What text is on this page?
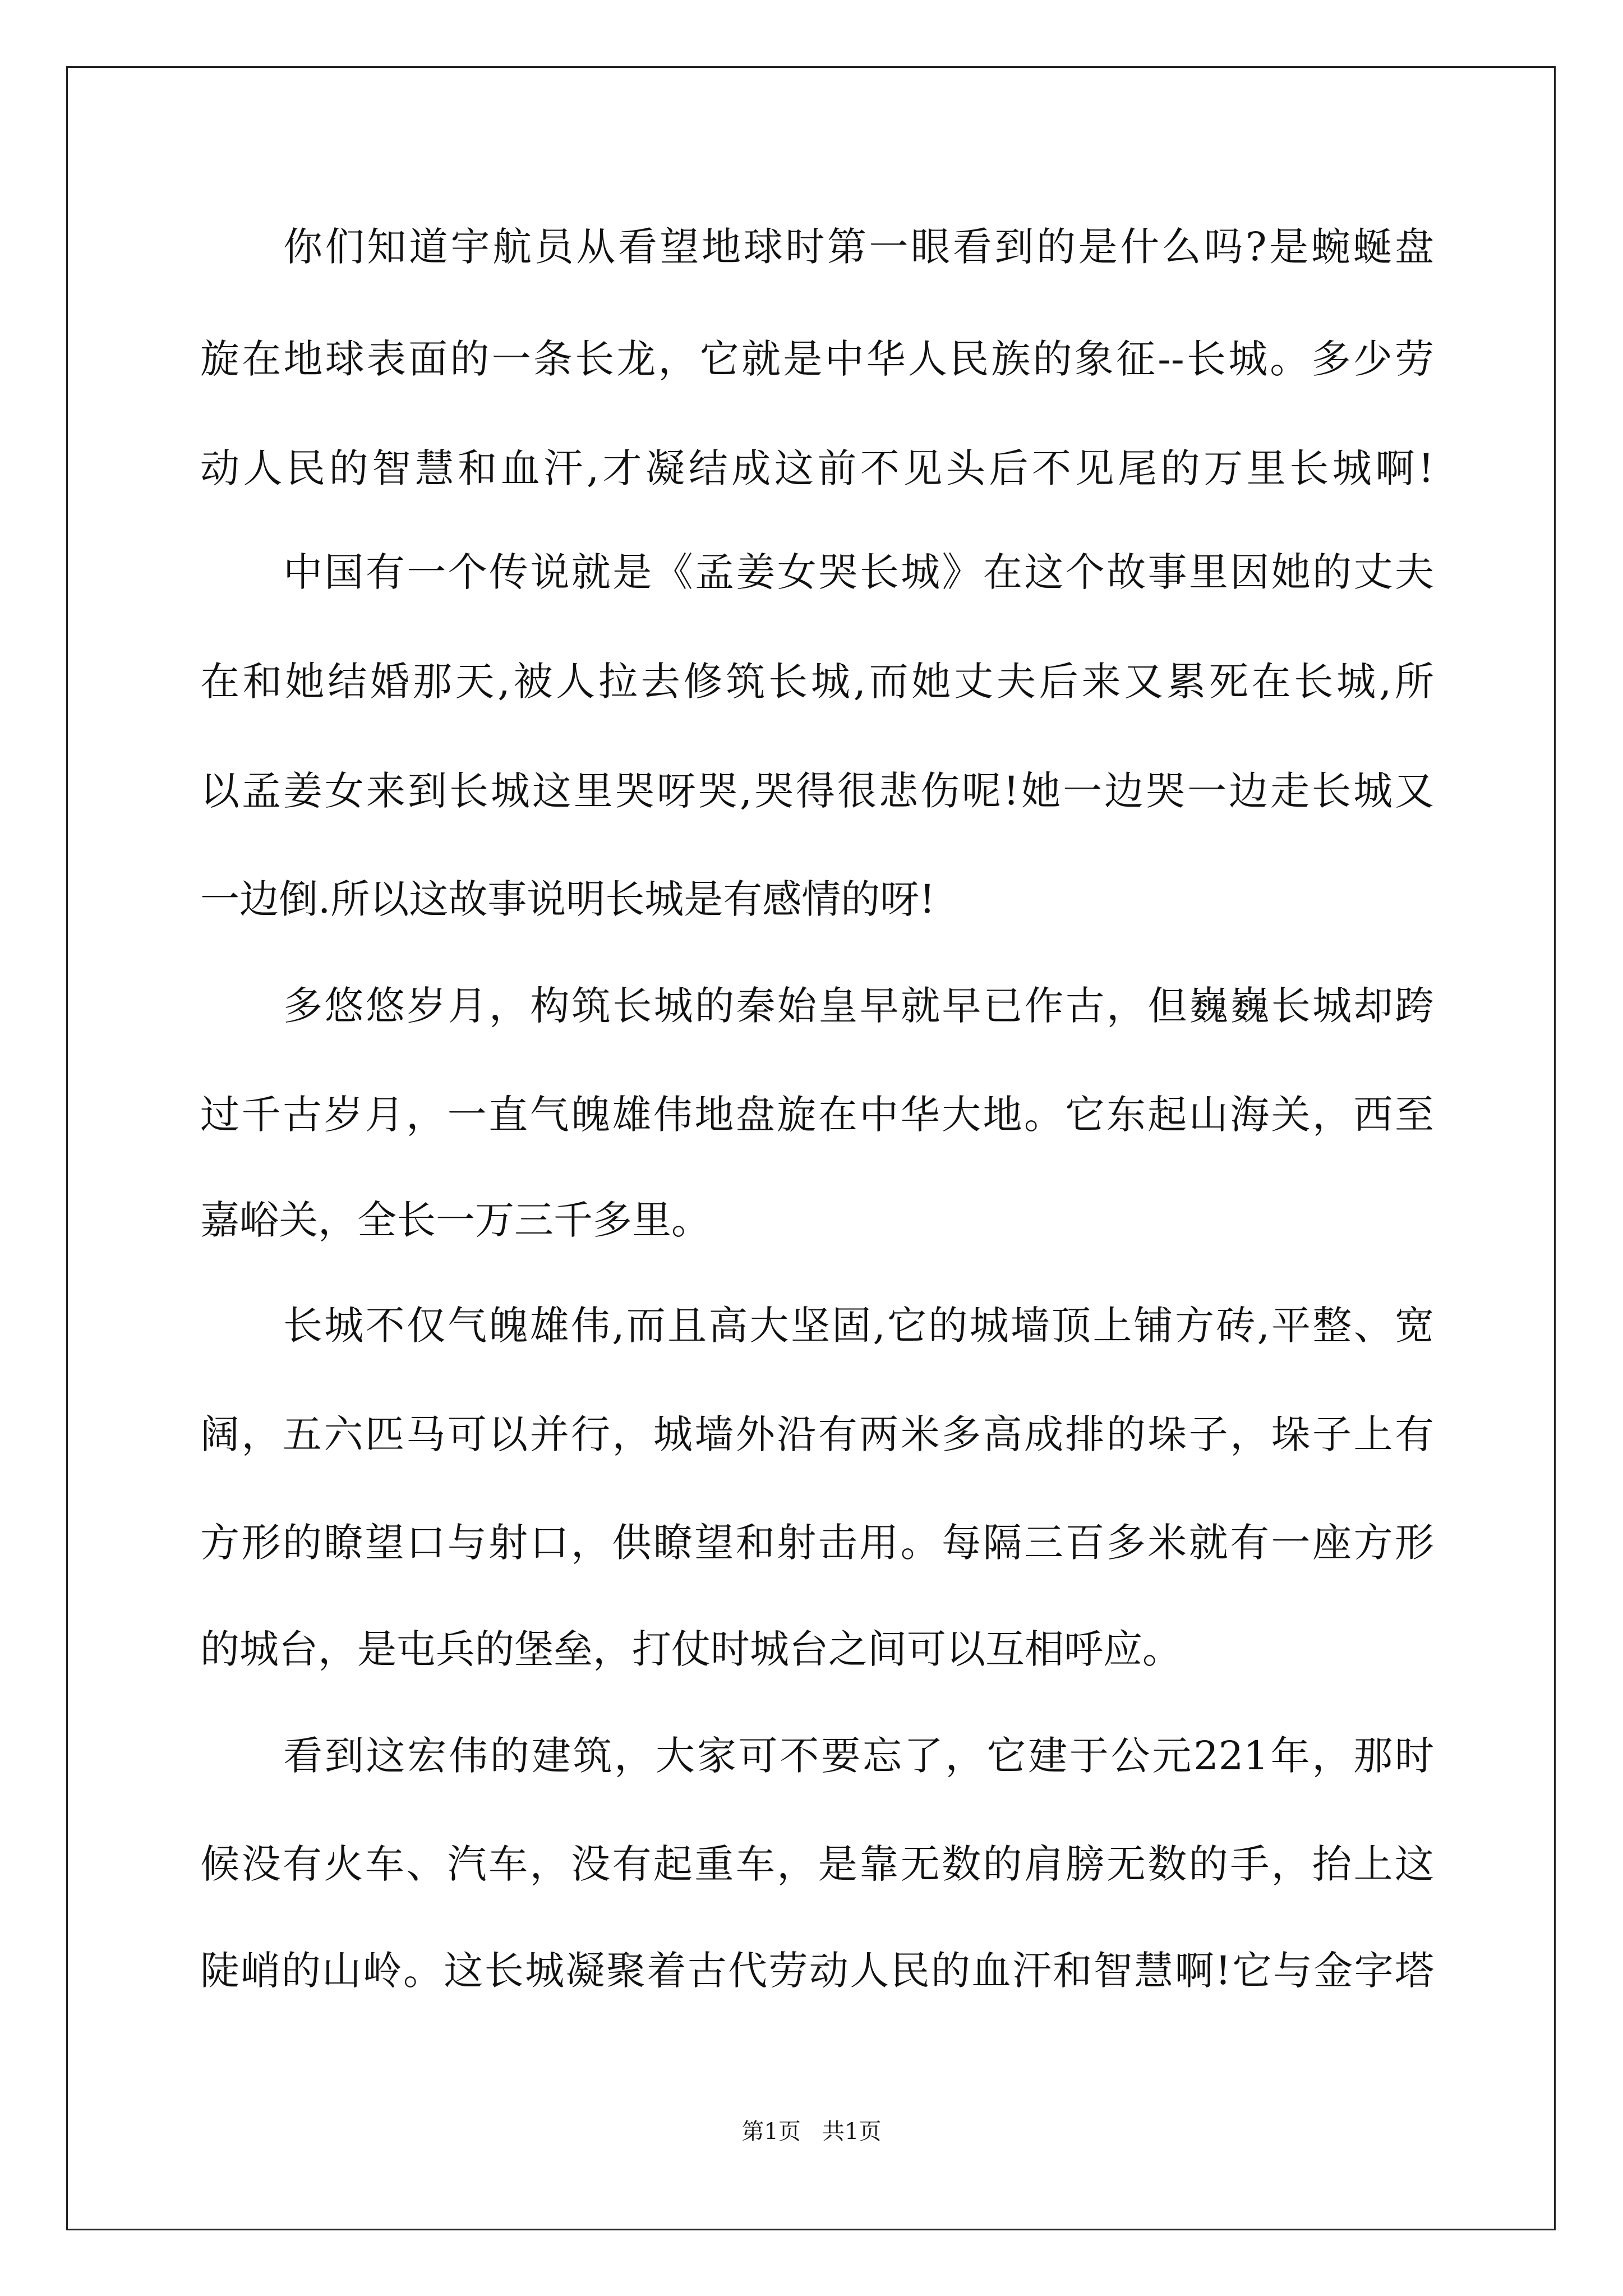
你们知道宇航员从看望地球时第一眼看到的是什么吗?是蜿蜒盘
旋在地球表面的一条长龙，它就是中华人民族的象征--长城。多少劳
动人民的智慧和血汗,才凝结成这前不见头后不见尾的万里长城啊!
中国有一个传说就是《孟姜女哭长城》在这个故事里因她的丈夫
在和她结婚那天,被人拉去修筑长城,而她丈夫后来又累死在长城,所
以孟姜女来到长城这里哭呀哭,哭得很悲伤呢!她一边哭一边走长城又
一边倒.所以这故事说明长城是有感情的呀!
多悠悠岁月，构筑长城的秦始皇早就早已作古，但巍巍长城却跨
过千古岁月，一直气魄雄伟地盘旋在中华大地。它东起山海关，西至
嘉峪关，全长一万三千多里。
长城不仅气魄雄伟,而且高大坚固,它的城墙顶上铺方砖,平整、宽
阔，五六匹马可以并行，城墙外沿有两米多高成排的垛子，垛子上有
方形的瞭望口与射口，供瞭望和射击用。每隔三百多米就有一座方形
的城台，是屯兵的堡垒，打仗时城台之间可以互相呼应。
看到这宏伟的建筑，大家可不要忘了，它建于公元221年，那时
候没有火车、汽车，没有起重车，是靠无数的肩膀无数的手，抬上这
陡峭的山岭。这长城凝聚着古代劳动人民的血汗和智慧啊!它与金字塔
第1页   共1页
